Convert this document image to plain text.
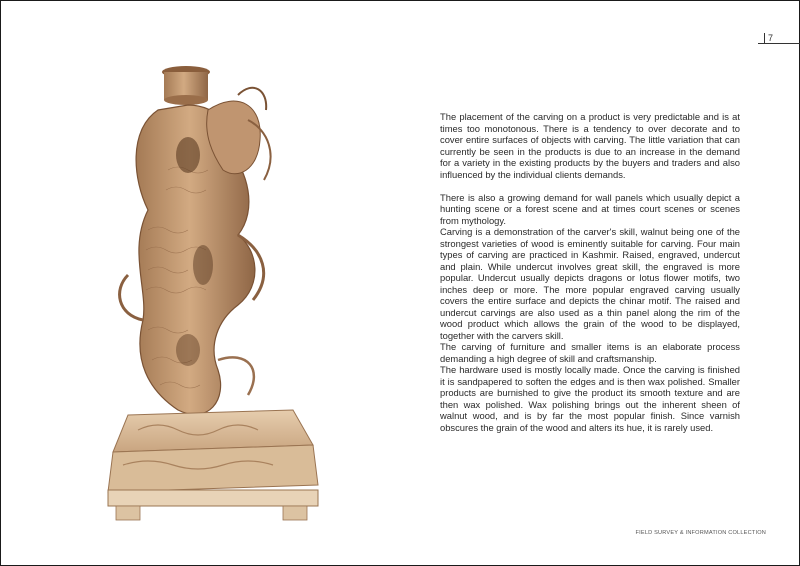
7

The placement of the carving on a product is very predictable and is at times too monotonous. There is a tendency to over decorate and to cover entire surfaces of objects with carving. The little variation that can currently be seen in the products is due to an increase in the demand for a variety in the existing products by the buyers and traders and also influenced by the individual clients demands.

There is also a growing demand for wall panels which usually depict a hunting scene or a forest scene and at times court scenes or scenes from mythology.

Carving is a demonstration of the carver's skill, walnut being one of the strongest varieties of wood is eminently suitable for carving. Four main types of carving are practiced in Kashmir. Raised, engraved, undercut and plain. While undercut involves great skill, the engraved is more popular. Undercut usually depicts dragons or lotus flower motifs, two inches deep or more. The more popular engraved carving usually covers the entire surface and depicts the chinar motif. The raised and undercut carvings are also used as a thin panel along the rim of the wood product which allows the grain of the wood to be displayed, together with the carvers skill.

The carving of furniture and smaller items is an elaborate process demanding a high degree of skill and craftsmanship.

The hardware used is mostly locally made. Once the carving is finished it is sandpapered to soften the edges and is then wax polished. Smaller products are burnished to give the product its smooth texture and are then wax polished. Wax polishing brings out the inherent sheen of walnut wood, and is by far the most popular finish. Since varnish obscures the grain of the wood and alters its hue, it is rarely used.

FIELD SURVEY & INFORMATION COLLECTION
